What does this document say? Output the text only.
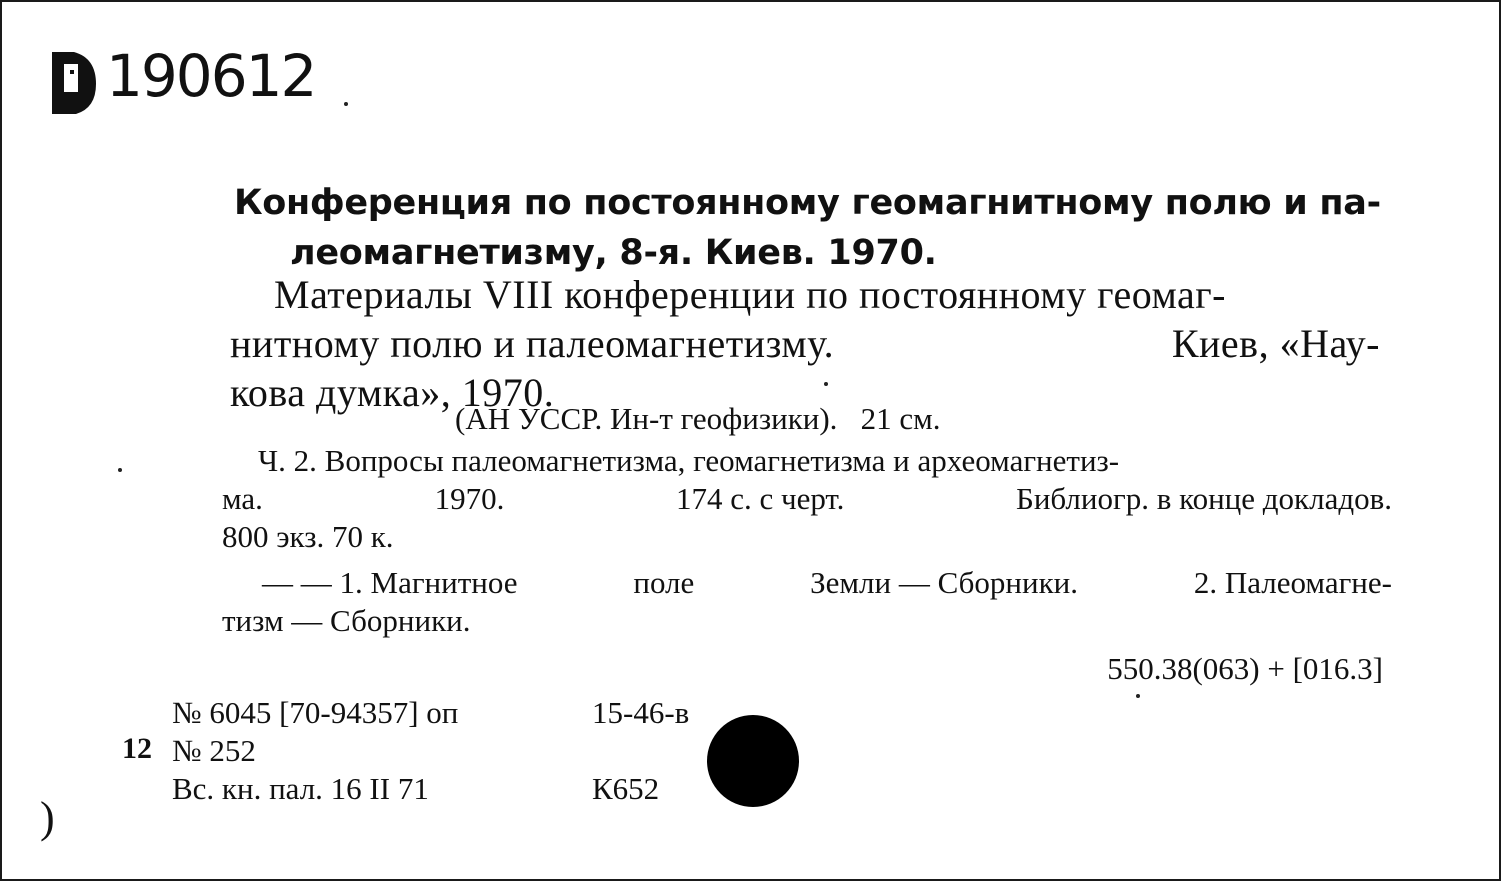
190612
Конференция по постоянному геомагнитному полю и па-
леомагнетизму, 8-я. Киев. 1970.
Материалы VIII конференции по постоянному геомаг-
нитному полю и палеомагнетизму.	Киев, «Нау-
кова думка», 1970.
(АН УССР. Ин-т геофизики).   21 см.
Ч. 2. Вопросы палеомагнетизма, геомагнетизма и археомагнетиз-
ма.	1970.	174 с. с черт.	Библиогр. в конце докладов.
800 экз. 70 к.
— — 1. Магнитное	поле	Земли — Сборники.	2. Палеомагне-
тизм — Сборники.
550.38(063) + [016.3]
№ 6045 [70-94357] оп	15-46-в
№ 252
Вс. кн. пал. 16 II 71	К652
12
)
